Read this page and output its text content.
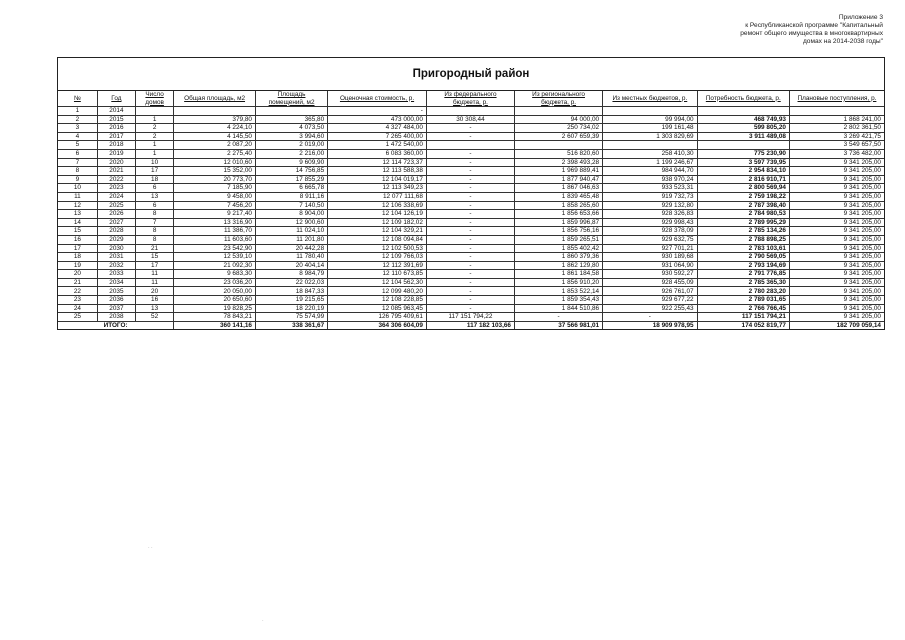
Приложение 3
к Республиканской программе "Капитальный
ремонт общего имущества в многоквартирных
домах на 2014-2038 годы"
Пригородный район
№	Год	Число домов	Общая площадь, м2	Площадь помещений, м2	Оценочная стоимость, р.	Из федерального бюджета, р.	Из регионального бюджета, р.	Из местных бюджетов, р.	Потребность бюджета, р.	Плановые поступления, р.
1	2014				-					
2	2015	1	379,80	365,80	473 000,00	30 308,44	94 000,00	99 994,00	468 749,93	1 868 241,00
3	2016	2	4 224,10	4 073,50	4 327 484,00	-	250 734,02	199 161,48	599 805,20	2 802 361,50
4	2017	2	4 145,50	3 994,60	7 265 400,00	-	2 607 659,39	1 303 829,69	3 911 489,08	3 269 421,75
5	2018	1	2 087,20	2 019,00	1 472 540,00					3 549 657,50
6	2019	1	2 275,40	2 216,00	6 083 360,00	-	516 820,60	258 410,30	775 230,90	3 736 482,00
7	2020	10	12 010,60	9 609,90	12 114 723,37	-	2 398 493,28	1 199 246,67	3 597 739,95	9 341 205,00
8	2021	17	15 352,00	14 756,85	12 113 588,38	-	1 969 889,41	984 944,70	2 954 834,10	9 341 205,00
9	2022	18	20 773,70	17 855,29	12 104 019,17	-	1 877 940,47	938 970,24	2 816 910,71	9 341 205,00
10	2023	6	7 185,90	6 665,78	12 113 349,23	-	1 867 046,63	933 523,31	2 800 569,94	9 341 205,00
11	2024	13	9 458,00	8 911,16	12 077 111,68	-	1 839 465,48	919 732,73	2 759 198,22	9 341 205,00
12	2025	6	7 456,20	7 140,50	12 106 338,69	-	1 858 265,60	929 132,80	2 787 398,40	9 341 205,00
13	2026	8	9 217,40	8 904,00	12 104 126,19	-	1 856 653,66	928 326,83	2 784 980,53	9 341 205,00
14	2027	7	13 316,90	12 900,60	12 109 182,02	-	1 859 996,87	929 998,43	2 789 995,29	9 341 205,00
15	2028	8	11 386,70	11 024,10	12 104 329,21	-	1 856 756,16	928 378,09	2 785 134,26	9 341 205,00
16	2029	8	11 603,60	11 201,80	12 108 094,84	-	1 859 265,51	929 632,75	2 788 898,25	9 341 205,00
17	2030	21	23 542,90	20 442,28	12 102 500,53	-	1 855 402,42	927 701,21	2 783 103,61	9 341 205,00
18	2031	15	12 539,10	11 780,40	12 109 766,03	-	1 860 379,36	930 189,68	2 790 569,05	9 341 205,00
19	2032	17	21 092,30	20 404,14	12 112 391,69	-	1 862 129,80	931 064,90	2 793 194,69	9 341 205,00
20	2033	11	9 683,30	8 984,79	12 110 673,85	-	1 861 184,58	930 592,27	2 791 776,85	9 341 205,00
21	2034	11	23 036,20	22 022,03	12 104 562,30	-	1 856 910,20	928 455,09	2 785 365,30	9 341 205,00
22	2035	20	20 050,00	18 847,33	12 099 480,20	-	1 853 522,14	926 761,07	2 780 283,20	9 341 205,00
23	2036	16	20 650,60	19 215,65	12 108 228,85	-	1 859 354,43	929 677,22	2 789 031,65	9 341 205,00
24	2037	13	19 828,25	18 220,19	12 085 963,45	-	1 844 510,86	922 255,43	2 766 766,45	9 341 205,00
25	2038	52	78 843,21	75 574,99	126 795 409,61	117 151 794,22	-	-	117 151 794,21	9 341 205,00
ИТОГО:			360 141,16	338 361,67	364 306 604,09	117 182 103,66	37 566 981,01	18 909 978,95	174 052 819,77	182 709 059,14
· ·
·
